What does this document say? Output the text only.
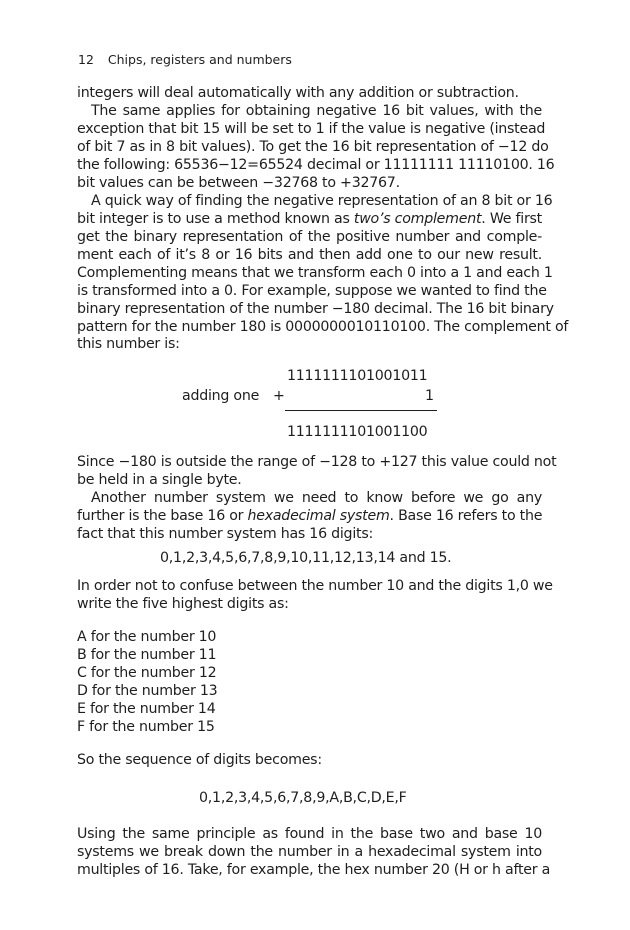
12 Chips, registers and numbers
integers will deal automatically with any addition or subtraction.
The same applies for obtaining negative 16 bit values, with the
exception that bit 15 will be set to 1 if the value is negative (instead
of bit 7 as in 8 bit values). To get the 16 bit representation of −12 do
the following: 65536−12=65524 decimal or 11111111 11110100. 16
bit values can be between −32768 to +32767.
A quick way of finding the negative representation of an 8 bit or 16
bit integer is to use a method known as two’s complement. We first
get the binary representation of the positive number and comple-
ment each of it’s 8 or 16 bits and then add one to our new result.
Complementing means that we transform each 0 into a 1 and each 1
is transformed into a 0. For example, suppose we wanted to find the
binary representation of the number −180 decimal. The 16 bit binary
pattern for the number 180 is 0000000010110100. The complement of
this number is:
1111111101001011
adding one +	1
1111111101001100
Since −180 is outside the range of −128 to +127 this value could not
be held in a single byte.
Another number system we need to know before we go any
further is the base 16 or hexadecimal system. Base 16 refers to the
fact that this number system has 16 digits:
0,1,2,3,4,5,6,7,8,9,10,11,12,13,14 and 15.
In order not to confuse between the number 10 and the digits 1,0 we
write the five highest digits as:
A for the number 10
B for the number 11
C for the number 12
D for the number 13
E for the number 14
F for the number 15
So the sequence of digits becomes:
0,1,2,3,4,5,6,7,8,9,A,B,C,D,E,F
Using the same principle as found in the base two and base 10
systems we break down the number in a hexadecimal system into
multiples of 16. Take, for example, the hex number 20 (H or h after a
